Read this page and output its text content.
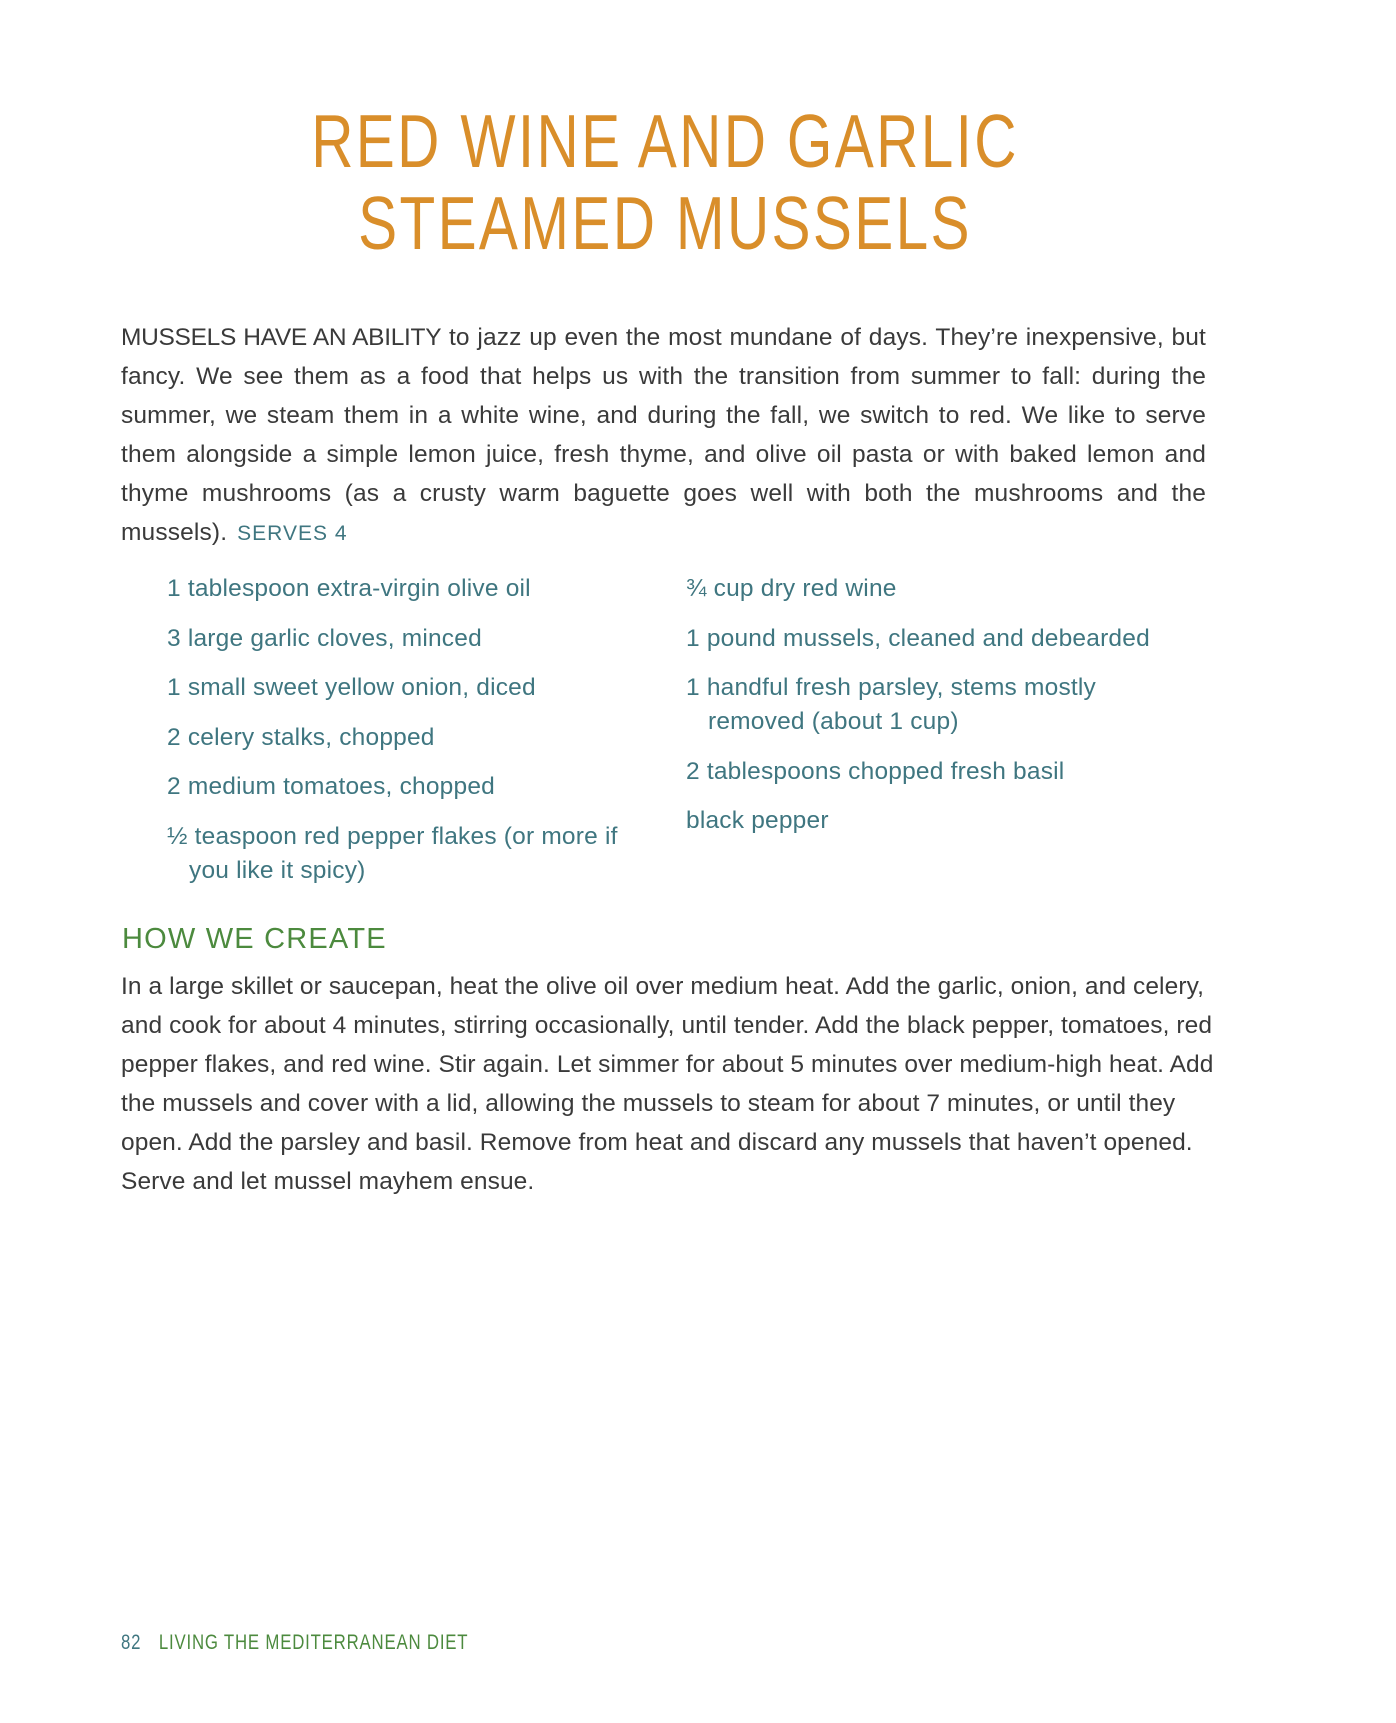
RED WINE AND GARLIC
STEAMED MUSSELS

MUSSELS HAVE AN ABILITY to jazz up even the most mundane of days. They’re inexpensive, but fancy. We see them as a food that helps us with the transition from summer to fall: during the summer, we steam them in a white wine, and during the fall, we switch to red. We like to serve them alongside a simple lemon juice, fresh thyme, and olive oil pasta or with baked lemon and thyme mushrooms (as a crusty warm baguette goes well with both the mushrooms and the mussels). SERVES 4

1 tablespoon extra-virgin olive oil
3 large garlic cloves, minced
1 small sweet yellow onion, diced
2 celery stalks, chopped
2 medium tomatoes, chopped
½ teaspoon red pepper flakes (or more if you like it spicy)
¾ cup dry red wine
1 pound mussels, cleaned and debearded
1 handful fresh parsley, stems mostly removed (about 1 cup)
2 tablespoons chopped fresh basil
black pepper
HOW WE CREATE

In a large skillet or saucepan, heat the olive oil over medium heat. Add the garlic, onion, and celery, and cook for about 4 minutes, stirring occasionally, until tender. Add the black pepper, tomatoes, red pepper flakes, and red wine. Stir again. Let simmer for about 5 minutes over medium-high heat. Add the mussels and cover with a lid, allowing the mussels to steam for about 7 minutes, or until they open. Add the parsley and basil. Remove from heat and discard any mussels that haven’t opened. Serve and let mussel mayhem ensue.

82 LIVING THE MEDITERRANEAN DIET
